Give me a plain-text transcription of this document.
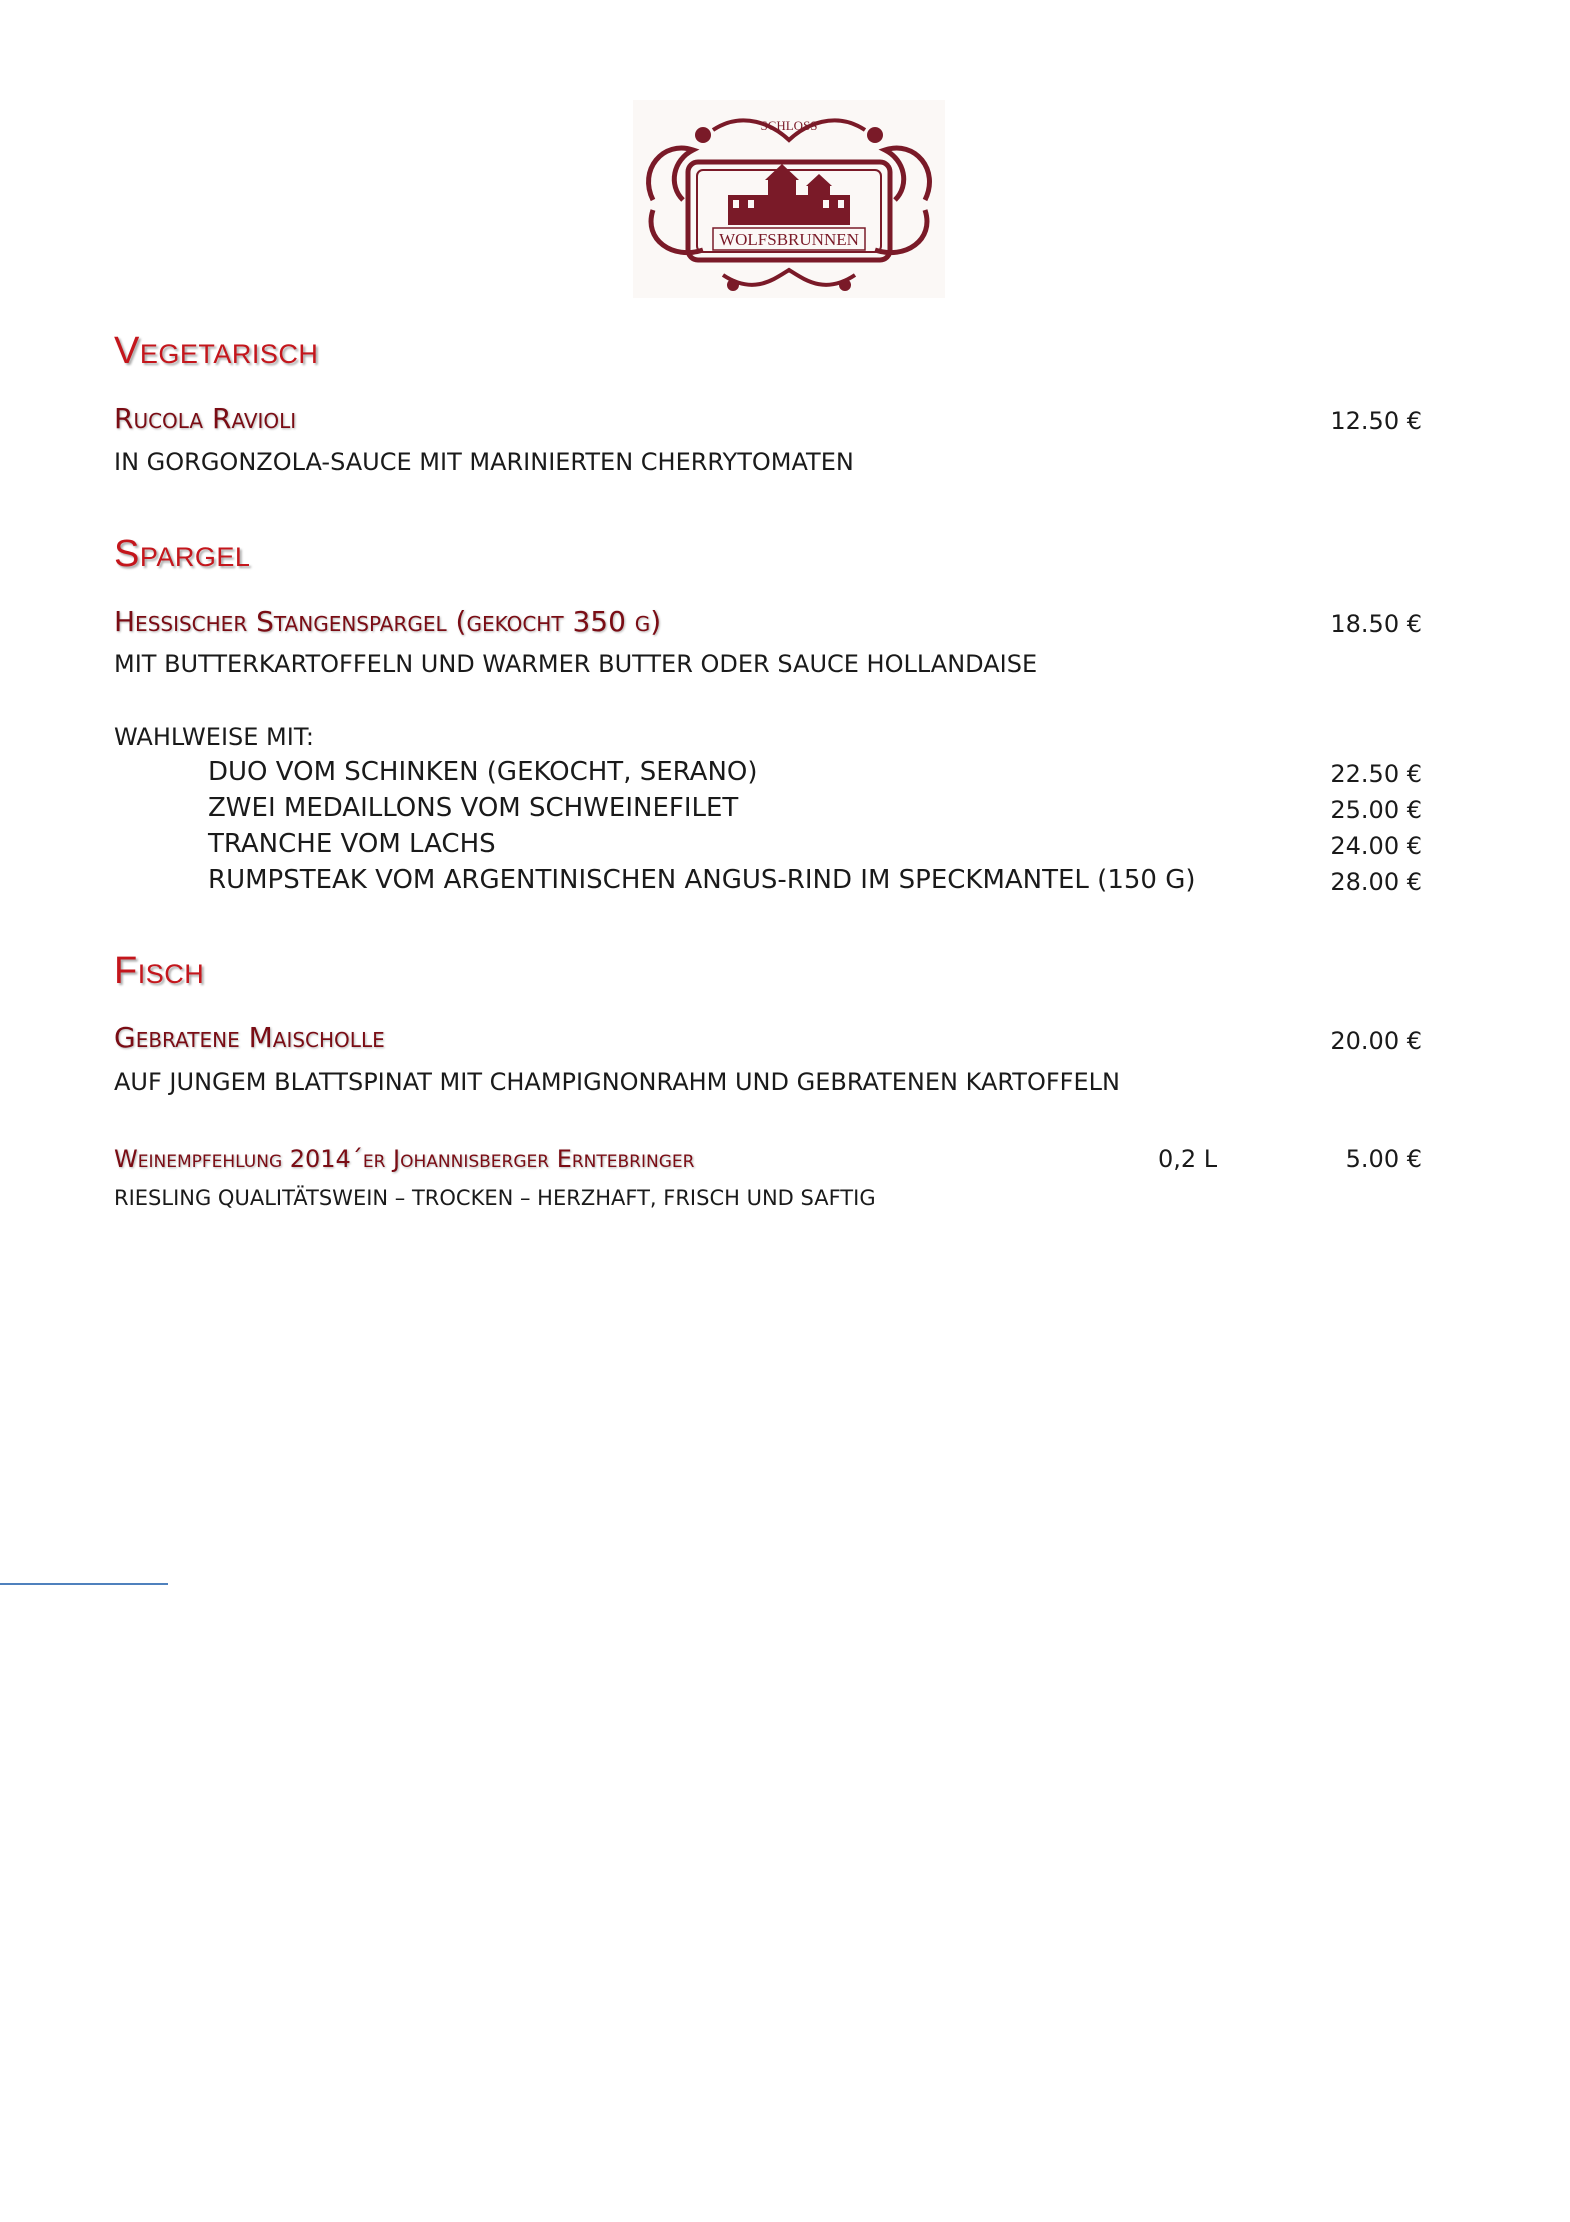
WOLFSBRUNNEN
SCHLOSS
Vegetarisch
Rucola Ravioli	12.50 €
IN GORGONZOLA-SAUCE MIT MARINIERTEN CHERRYTOMATEN
Spargel
Hessischer Stangenspargel (gekocht 350 g)	18.50 €
MIT BUTTERKARTOFFELN UND WARMER BUTTER ODER SAUCE HOLLANDAISE
WAHLWEISE MIT:
DUO VOM SCHINKEN (GEKOCHT, SERANO)	22.50 €
ZWEI MEDAILLONS VOM SCHWEINEFILET	25.00 €
TRANCHE VOM LACHS	24.00 €
RUMPSTEAK VOM ARGENTINISCHEN ANGUS-RIND IM SPECKMANTEL (150 G)	28.00 €
Fisch
Gebratene Maischolle	20.00 €
AUF JUNGEM BLATTSPINAT MIT CHAMPIGNONRAHM UND GEBRATENEN KARTOFFELN
Weinempfehlung 2014´er Johannisberger Erntebringer	0,2 L	5.00 €
RIESLING QUALITÄTSWEIN – TROCKEN – HERZHAFT, FRISCH UND SAFTIG
